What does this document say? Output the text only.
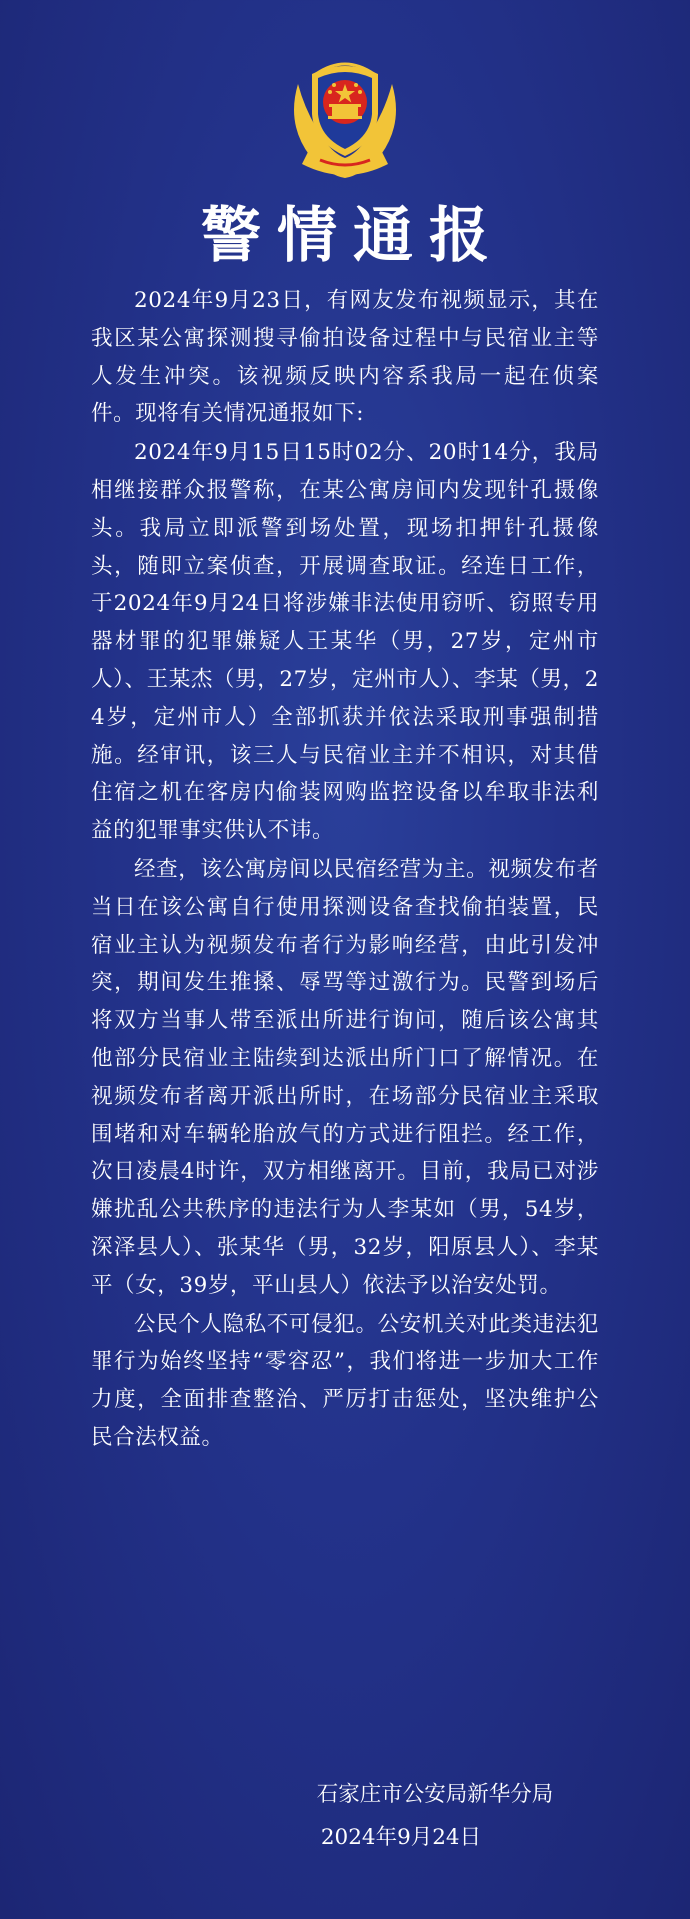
警情通报

2024年9月23日，有网友发布视频显示，其在我区某公寓探测搜寻偷拍设备过程中与民宿业主等人发生冲突。该视频反映内容系我局一起在侦案件。现将有关情况通报如下:

2024年9月15日15时02分、20时14分，我局相继接群众报警称，在某公寓房间内发现针孔摄像头。我局立即派警到场处置，现场扣押针孔摄像头，随即立案侦查，开展调查取证。经连日工作，于2024年9月24日将涉嫌非法使用窃听、窃照专用器材罪的犯罪嫌疑人王某华（男，27岁，定州市人）、王某杰（男，27岁，定州市人）、李某（男，24岁，定州市人）全部抓获并依法采取刑事强制措施。经审讯，该三人与民宿业主并不相识，对其借住宿之机在客房内偷装网购监控设备以牟取非法利益的犯罪事实供认不讳。

经查，该公寓房间以民宿经营为主。视频发布者当日在该公寓自行使用探测设备查找偷拍装置，民宿业主认为视频发布者行为影响经营，由此引发冲突，期间发生推搡、辱骂等过激行为。民警到场后将双方当事人带至派出所进行询问，随后该公寓其他部分民宿业主陆续到达派出所门口了解情况。在视频发布者离开派出所时，在场部分民宿业主采取围堵和对车辆轮胎放气的方式进行阻拦。经工作，次日凌晨4时许，双方相继离开。目前，我局已对涉嫌扰乱公共秩序的违法行为人李某如（男，54岁，深泽县人）、张某华（男，32岁，阳原县人）、李某平（女，39岁，平山县人）依法予以治安处罚。

公民个人隐私不可侵犯。公安机关对此类违法犯罪行为始终坚持“零容忍”，我们将进一步加大工作力度，全面排查整治、严厉打击惩处，坚决维护公民合法权益。

石家庄市公安局新华分局
2024年9月24日
